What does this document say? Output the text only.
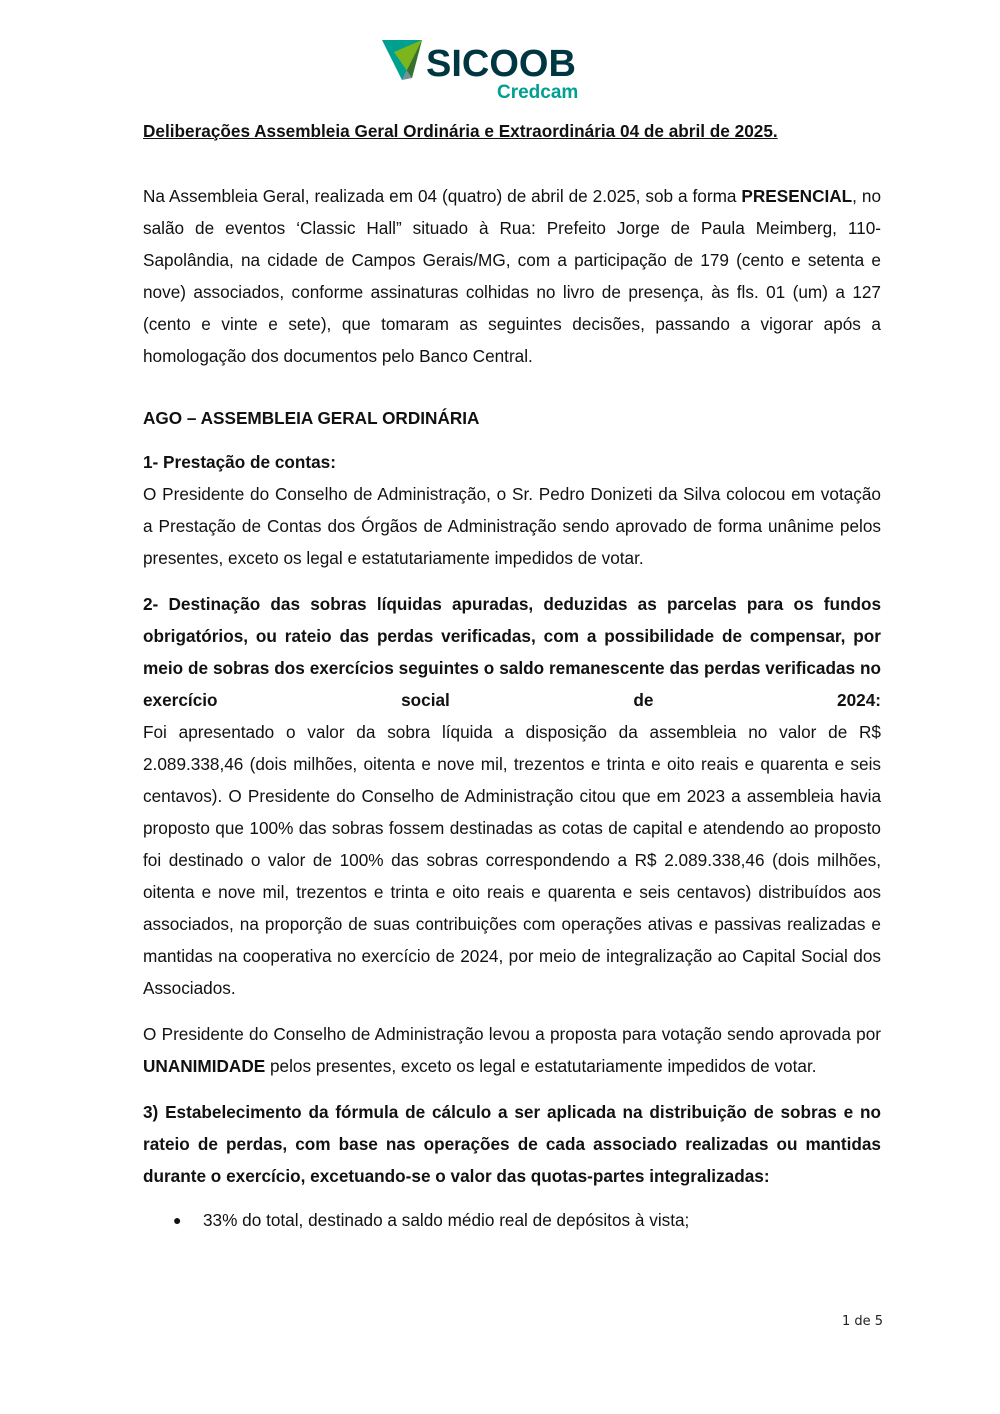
SICOOB
Credcam

Deliberações Assembleia Geral Ordinária e Extraordinária 04 de abril de 2025.

Na Assembleia Geral, realizada em 04 (quatro) de abril de 2.025, sob a forma PRESENCIAL, no salão de eventos ‘Classic Hall” situado à Rua: Prefeito Jorge de Paula Meimberg, 110- Sapolândia, na cidade de Campos Gerais/MG, com a participação de 179 (cento e setenta e nove) associados, conforme assinaturas colhidas no livro de presença, às fls. 01 (um) a 127 (cento e vinte e sete), que tomaram as seguintes decisões, passando a vigorar após a homologação dos documentos pelo Banco Central.

AGO – ASSEMBLEIA GERAL ORDINÁRIA

1- Prestação de contas:

O Presidente do Conselho de Administração, o Sr. Pedro Donizeti da Silva colocou em votação a Prestação de Contas dos Órgãos de Administração sendo aprovado de forma unânime pelos presentes, exceto os legal e estatutariamente impedidos de votar.

2- Destinação das sobras líquidas apuradas, deduzidas as parcelas para os fundos obrigatórios, ou rateio das perdas verificadas, com a possibilidade de compensar, por meio de sobras dos exercícios seguintes o saldo remanescente das perdas verificadas no exercício social de 2024:

Foi apresentado o valor da sobra líquida a disposição da assembleia no valor de R$ 2.089.338,46 (dois milhões, oitenta e nove mil, trezentos e trinta e oito reais e quarenta e seis centavos). O Presidente do Conselho de Administração citou que em 2023 a assembleia havia proposto que 100% das sobras fossem destinadas as cotas de capital e atendendo ao proposto foi destinado o valor de 100% das sobras correspondendo a R$ 2.089.338,46 (dois milhões, oitenta e nove mil, trezentos e trinta e oito reais e quarenta e seis centavos) distribuídos aos associados, na proporção de suas contribuições com operações ativas e passivas realizadas e mantidas na cooperativa no exercício de 2024, por meio de integralização ao Capital Social dos Associados.

O Presidente do Conselho de Administração levou a proposta para votação sendo aprovada por UNANIMIDADE pelos presentes, exceto os legal e estatutariamente impedidos de votar.

3) Estabelecimento da fórmula de cálculo a ser aplicada na distribuição de sobras e no rateio de perdas, com base nas operações de cada associado realizadas ou mantidas durante o exercício, excetuando-se o valor das quotas-partes integralizadas:

● 33% do total, destinado a saldo médio real de depósitos à vista;
1 de 5
